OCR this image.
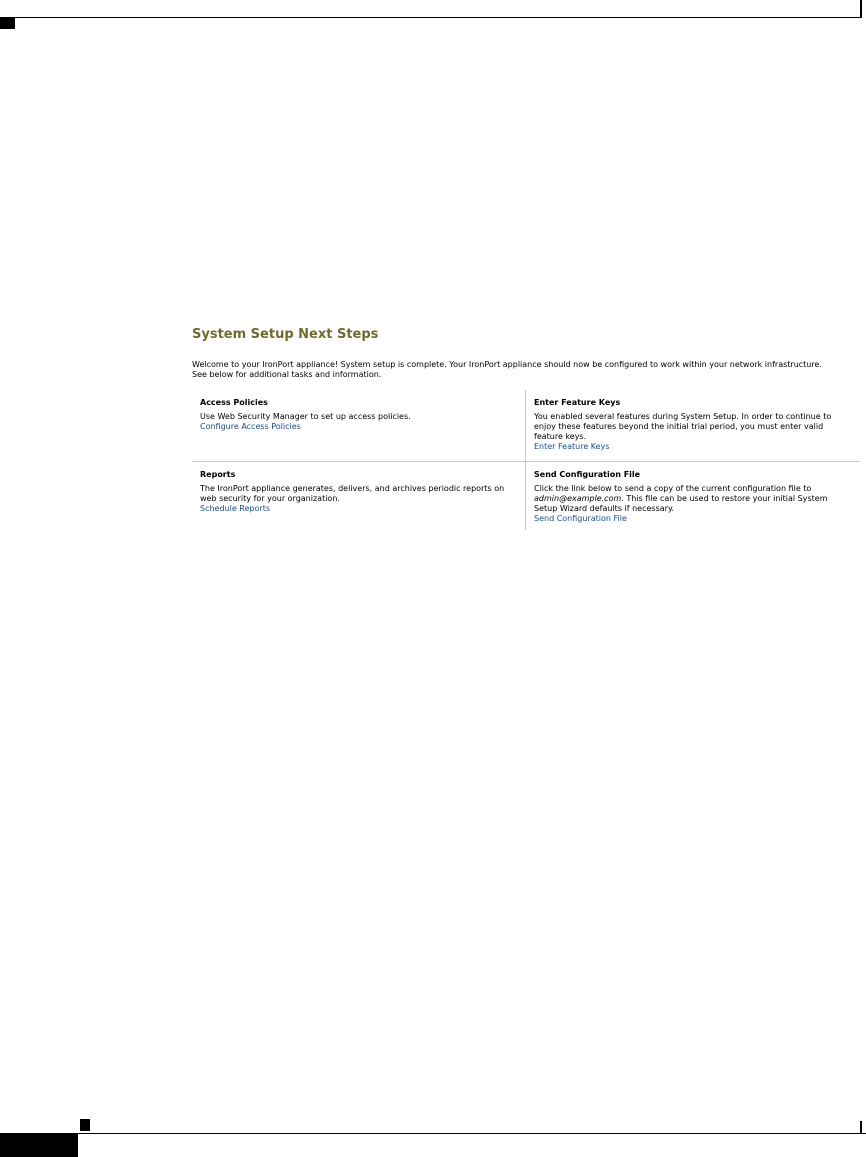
System Setup Next Steps
Welcome to your IronPort appliance! System setup is complete. Your IronPort appliance should now be configured to work within your network infrastructure. See below for additional tasks and information.
Access Policies
Use Web Security Manager to set up access policies.
Configure Access Policies
Enter Feature Keys
You enabled several features during System Setup. In order to continue to enjoy these features beyond the initial trial period, you must enter valid feature keys.
Enter Feature Keys
Reports
The IronPort appliance generates, delivers, and archives periodic reports on web security for your organization.
Schedule Reports
Send Configuration File
Click the link below to send a copy of the current configuration file to admin@example.com. This file can be used to restore your initial System Setup Wizard defaults if necessary.
Send Configuration File
